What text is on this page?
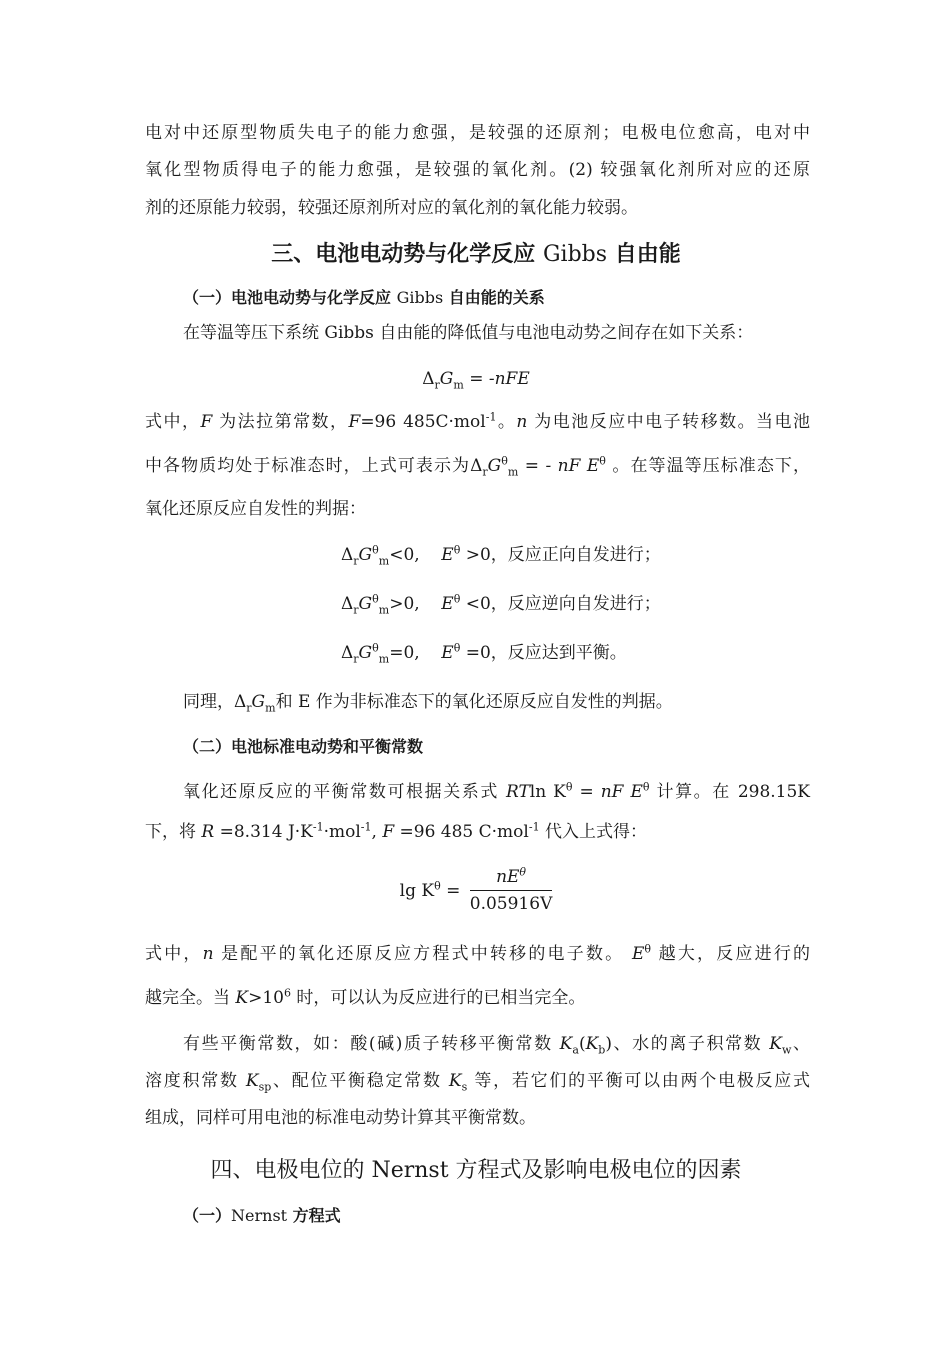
电对中还原型物质失电子的能力愈强，是较强的还原剂；电极电位愈高，电对中
氧化型物质得电子的能力愈强，是较强的氧化剂。(2) 较强氧化剂所对应的还原
剂的还原能力较弱，较强还原剂所对应的氧化剂的氧化能力较弱。
三、电池电动势与化学反应 Gibbs 自由能
（一）电池电动势与化学反应 Gibbs 自由能的关系
在等温等压下系统 Gibbs 自由能的降低值与电池电动势之间存在如下关系：
$\Delta_rG_m = -nFE$
式中，F 为法拉第常数，F=96 485C·mol$^{-1}$。n 为电池反应中电子转移数。当电池
中各物质均处于标准态时，上式可表示为$\Delta_rG^\theta_m$ = - nF $E^\theta$ 。在等温等压标准态下，
氧化还原反应自发性的判据：
$\Delta_rG^\theta_m<0$, $E^\theta >0$，反应正向自发进行；
$\Delta_rG^\theta_m>0$, $E^\theta <0$，反应逆向自发进行；
$\Delta_rG^\theta_m=0$, $E^\theta =0$，反应达到平衡。
同理，$\Delta_rG_m$和 E 作为非标准态下的氧化还原反应自发性的判据。
（二）电池标准电动势和平衡常数
氧化还原反应的平衡常数可根据关系式 RTln $K^\theta$ = nF $E^\theta$ 计算。在 298.15K
下，将 R =8.314 $J\cdot K^{-1}\cdot mol^{-1}$, F =96 485 C·mol$^{-1}$ 代入上式得：
$\lg K^\theta = \frac{nE^\theta}{0.05916V}$
式中，n 是配平的氧化还原反应方程式中转移的电子数。 $E^\theta$ 越大，反应进行的
越完全。当 $K>10^6$ 时，可以认为反应进行的已相当完全。
有些平衡常数，如：酸(碱)质子转移平衡常数 $K_a(K_b)$、水的离子积常数 $K_w$、
溶度积常数 $K_{sp}$、配位平衡稳定常数 $K_s$ 等，若它们的平衡可以由两个电极反应式
组成，同样可用电池的标准电动势计算其平衡常数。
四、电极电位的 Nernst 方程式及影响电极电位的因素
（一）Nernst 方程式
